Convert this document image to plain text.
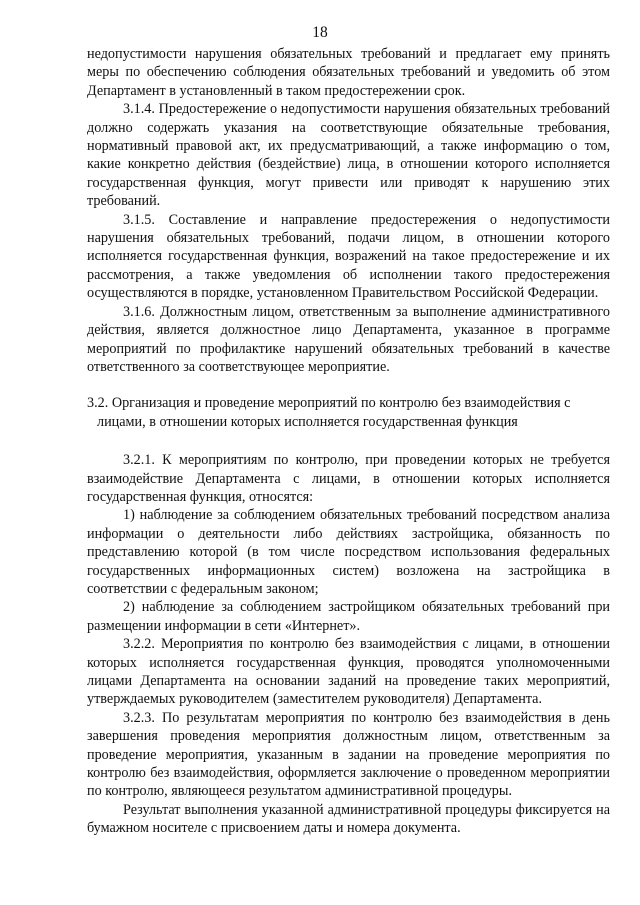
18

недопустимости нарушения обязательных требований и предлагает ему принять меры по обеспечению соблюдения обязательных требований и уведомить об этом Департамент в установленный в таком предостережении срок.

3.1.4. Предостережение о недопустимости нарушения обязательных требований должно содержать указания на соответствующие обязательные требования, нормативный правовой акт, их предусматривающий, а также информацию о том, какие конкретно действия (бездействие) лица, в отношении которого исполняется государственная функция, могут привести или приводят к нарушению этих требований.

3.1.5. Составление и направление предостережения о недопустимости нарушения обязательных требований, подачи лицом, в отношении которого исполняется государственная функция, возражений на такое предостережение и их рассмотрения, а также уведомления об исполнении такого предостережения осуществляются в порядке, установленном Правительством Российской Федерации.

3.1.6. Должностным лицом, ответственным за выполнение административного действия, является должностное лицо Департамента, указанное в программе мероприятий по профилактике нарушений обязательных требований в качестве ответственного за соответствующее мероприятие.

3.2. Организация и проведение мероприятий по контролю без взаимодействия с лицами, в отношении которых исполняется государственная функция

3.2.1. К мероприятиям по контролю, при проведении которых не требуется взаимодействие Департамента с лицами, в отношении которых исполняется государственная функция, относятся:

1) наблюдение за соблюдением обязательных требований посредством анализа информации о деятельности либо действиях застройщика, обязанность по представлению которой (в том числе посредством использования федеральных государственных информационных систем) возложена на застройщика в соответствии с федеральным законом;

2) наблюдение за соблюдением застройщиком обязательных требований при размещении информации в сети «Интернет».

3.2.2. Мероприятия по контролю без взаимодействия с лицами, в отношении которых исполняется государственная функция, проводятся уполномоченными лицами Департамента на основании заданий на проведение таких мероприятий, утверждаемых руководителем (заместителем руководителя) Департамента.

3.2.3. По результатам мероприятия по контролю без взаимодействия в день завершения проведения мероприятия должностным лицом, ответственным за проведение мероприятия, указанным в задании на проведение мероприятия по контролю без взаимодействия, оформляется заключение о проведенном мероприятии по контролю, являющееся результатом административной процедуры.

Результат выполнения указанной административной процедуры фиксируется на бумажном носителе с присвоением даты и номера документа.
